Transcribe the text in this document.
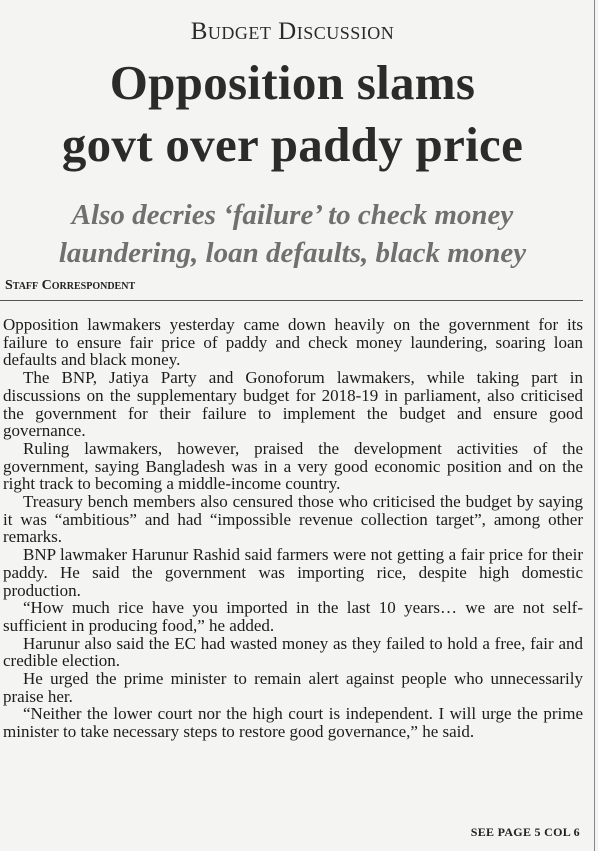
Budget Discussion
Opposition slams
govt over paddy price
Also decries ‘failure’ to check money
laundering, loan defaults, black money
Staff Correspondent

Opposition lawmakers yesterday came down heavily on the government for its failure to ensure fair price of paddy and check money laundering, soaring loan defaults and black money.

The BNP, Jatiya Party and Gonoforum lawmakers, while taking part in discussions on the supplementary budget for 2018-19 in parliament, also criticised the government for their failure to implement the budget and ensure good governance.

Ruling lawmakers, however, praised the development activities of the government, saying Bangladesh was in a very good economic position and on the right track to becoming a middle-income country.

Treasury bench members also censured those who criticised the budget by saying it was “ambitious” and had “impossible revenue collection target”, among other remarks.

BNP lawmaker Harunur Rashid said farmers were not getting a fair price for their paddy. He said the government was importing rice, despite high domestic production.

“How much rice have you imported in the last 10 years… we are not self-sufficient in producing food,” he added.

Harunur also said the EC had wasted money as they failed to hold a free, fair and credible election.

He urged the prime minister to remain alert against people who unnecessarily praise her.

“Neither the lower court nor the high court is independent. I will urge the prime minister to take necessary steps to restore good governance,” he said.

SEE PAGE 5 COL 6
